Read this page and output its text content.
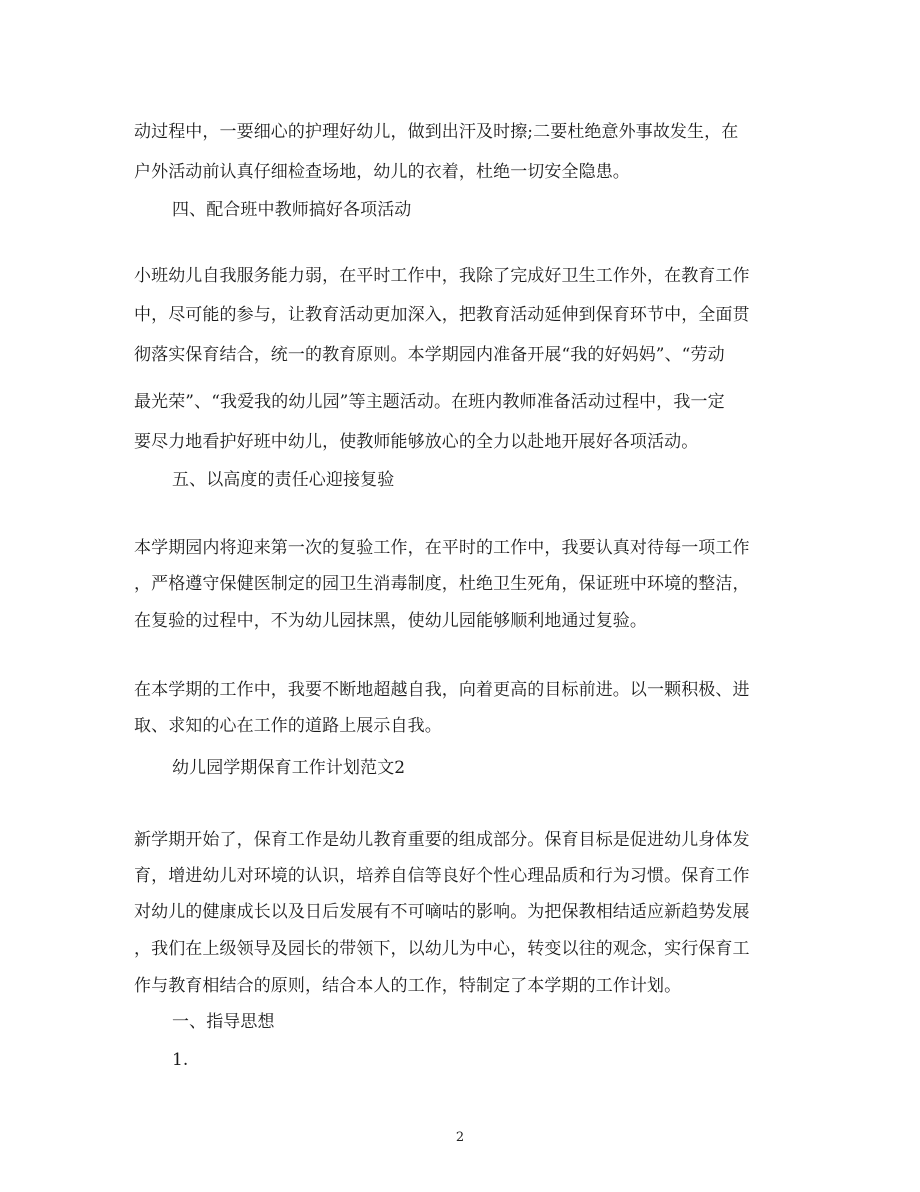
动过程中，一要细心的护理好幼儿，做到出汗及时擦;二要杜绝意外事故发生，在
户外活动前认真仔细检查场地，幼儿的衣着，杜绝一切安全隐患。
四、配合班中教师搞好各项活动
小班幼儿自我服务能力弱，在平时工作中，我除了完成好卫生工作外，在教育工作
中，尽可能的参与，让教育活动更加深入，把教育活动延伸到保育环节中，全面贯
彻落实保育结合，统一的教育原则。本学期园内准备开展“我的好妈妈”、“劳动
最光荣”、“我爱我的幼儿园”等主题活动。在班内教师准备活动过程中，我一定
要尽力地看护好班中幼儿，使教师能够放心的全力以赴地开展好各项活动。
五、以高度的责任心迎接复验
本学期园内将迎来第一次的复验工作，在平时的工作中，我要认真对待每一项工作
，严格遵守保健医制定的园卫生消毒制度，杜绝卫生死角，保证班中环境的整洁，
在复验的过程中，不为幼儿园抹黑，使幼儿园能够顺利地通过复验。
在本学期的工作中，我要不断地超越自我，向着更高的目标前进。以一颗积极、进
取、求知的心在工作的道路上展示自我。
幼儿园学期保育工作计划范文2
新学期开始了，保育工作是幼儿教育重要的组成部分。保育目标是促进幼儿身体发
育，增进幼儿对环境的认识，培养自信等良好个性心理品质和行为习惯。保育工作
对幼儿的健康成长以及日后发展有不可嘀咕的影响。为把保教相结适应新趋势发展
，我们在上级领导及园长的带领下，以幼儿为中心，转变以往的观念，实行保育工
作与教育相结合的原则，结合本人的工作，特制定了本学期的工作计划。
一、指导思想
1.
2
